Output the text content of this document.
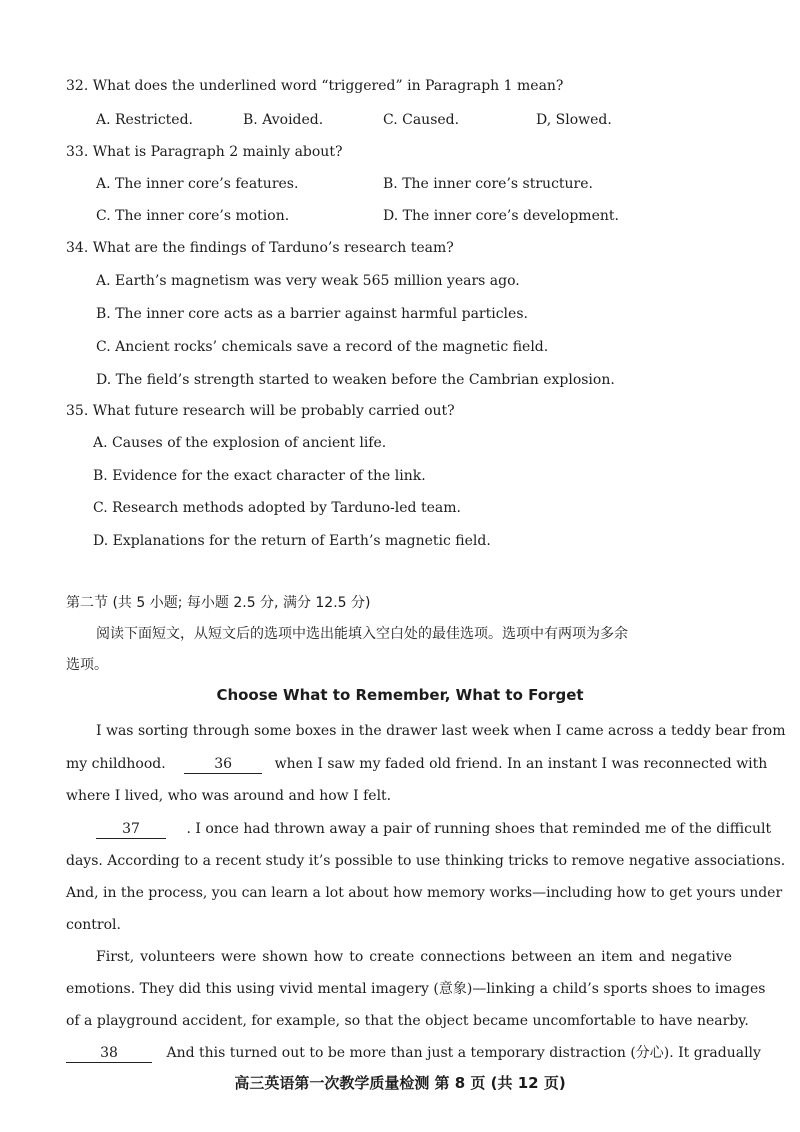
32. What does the underlined word “triggered” in Paragraph 1 mean?
A. Restricted.	B. Avoided.	C. Caused.	D, Slowed.
33. What is Paragraph 2 mainly about?
A. The inner core’s features.	B. The inner core’s structure.
C. The inner core’s motion.	D. The inner core’s development.
34. What are the findings of Tarduno’s research team?
A. Earth’s magnetism was very weak 565 million years ago.
B. The inner core acts as a barrier against harmful particles.
C. Ancient rocks’ chemicals save a record of the magnetic field.
D. The field’s strength started to weaken before the Cambrian explosion.
35. What future research will be probably carried out?
A. Causes of the explosion of ancient life.
B. Evidence for the exact character of the link.
C. Research methods adopted by Tarduno-led team.
D. Explanations for the return of Earth’s magnetic field.
第二节 (共 5 小题; 每小题 2.5 分, 满分 12.5 分)
阅读下面短文，从短文后的选项中选出能填入空白处的最佳选项。选项中有两项为多余
选项。
Choose What to Remember, What to Forget
I was sorting through some boxes in the drawer last week when I came across a teddy bear from
my childhood.	36	when I saw my faded old friend. In an instant I was reconnected with
where I lived, who was around and how I felt.
37	. I once had thrown away a pair of running shoes that reminded me of the difficult
days. According to a recent study it’s possible to use thinking tricks to remove negative associations.
And, in the process, you can learn a lot about how memory works—including how to get yours under
control.
First, volunteers were shown how to create connections between an item and negative
emotions. They did this using vivid mental imagery (意象)—linking a child’s sports shoes to images
of a playground accident, for example, so that the object became uncomfortable to have nearby.
38	And this turned out to be more than just a temporary distraction (分心). It gradually
高三英语第一次教学质量检测 第 8 页 (共 12 页)
